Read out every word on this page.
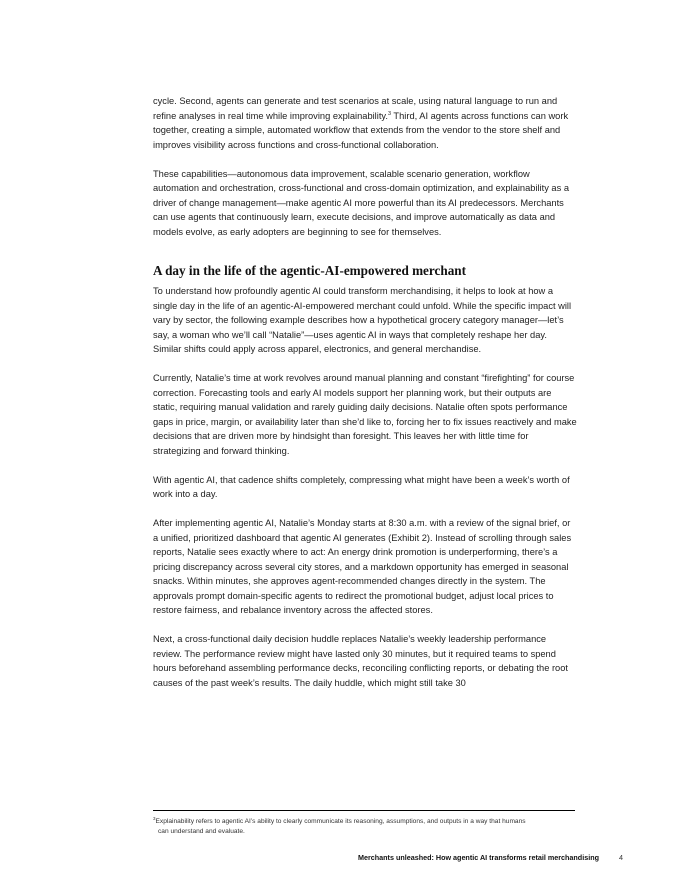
cycle. Second, agents can generate and test scenarios at scale, using natural language to run and refine analyses in real time while improving explainability.$^3$ Third, AI agents across functions can work together, creating a simple, automated workflow that extends from the vendor to the store shelf and improves visibility across functions and cross-functional collaboration.

These capabilities—autonomous data improvement, scalable scenario generation, workflow automation and orchestration, cross-functional and cross-domain optimization, and explainability as a driver of change management—make agentic AI more powerful than its AI predecessors. Merchants can use agents that continuously learn, execute decisions, and improve automatically as data and models evolve, as early adopters are beginning to see for themselves.

A day in the life of the agentic-AI-empowered merchant

To understand how profoundly agentic AI could transform merchandising, it helps to look at how a single day in the life of an agentic-AI-empowered merchant could unfold. While the specific impact will vary by sector, the following example describes how a hypothetical grocery category manager—let’s say, a woman who we’ll call “Natalie”—uses agentic AI in ways that completely reshape her day. Similar shifts could apply across apparel, electronics, and general merchandise.

Currently, Natalie’s time at work revolves around manual planning and constant “firefighting” for course correction. Forecasting tools and early AI models support her planning work, but their outputs are static, requiring manual validation and rarely guiding daily decisions. Natalie often spots performance gaps in price, margin, or availability later than she’d like to, forcing her to fix issues reactively and make decisions that are driven more by hindsight than foresight. This leaves her with little time for strategizing and forward thinking.

With agentic AI, that cadence shifts completely, compressing what might have been a week’s worth of work into a day.

After implementing agentic AI, Natalie’s Monday starts at 8:30 a.m. with a review of the signal brief, or a unified, prioritized dashboard that agentic AI generates (Exhibit 2). Instead of scrolling through sales reports, Natalie sees exactly where to act: An energy drink promotion is underperforming, there’s a pricing discrepancy across several city stores, and a markdown opportunity has emerged in seasonal snacks. Within minutes, she approves agent-recommended changes directly in the system. The approvals prompt domain-specific agents to redirect the promotional budget, adjust local prices to restore fairness, and rebalance inventory across the affected stores.

Next, a cross-functional daily decision huddle replaces Natalie’s weekly leadership performance review. The performance review might have lasted only 30 minutes, but it required teams to spend hours beforehand assembling performance decks, reconciling conflicting reports, or debating the root causes of the past week’s results. The daily huddle, which might still take 30

$^3$Explainability refers to agentic AI’s ability to clearly communicate its reasoning, assumptions, and outputs in a way that humans
can understand and evaluate.
Merchants unleashed: How agentic AI transforms retail merchandising	4
